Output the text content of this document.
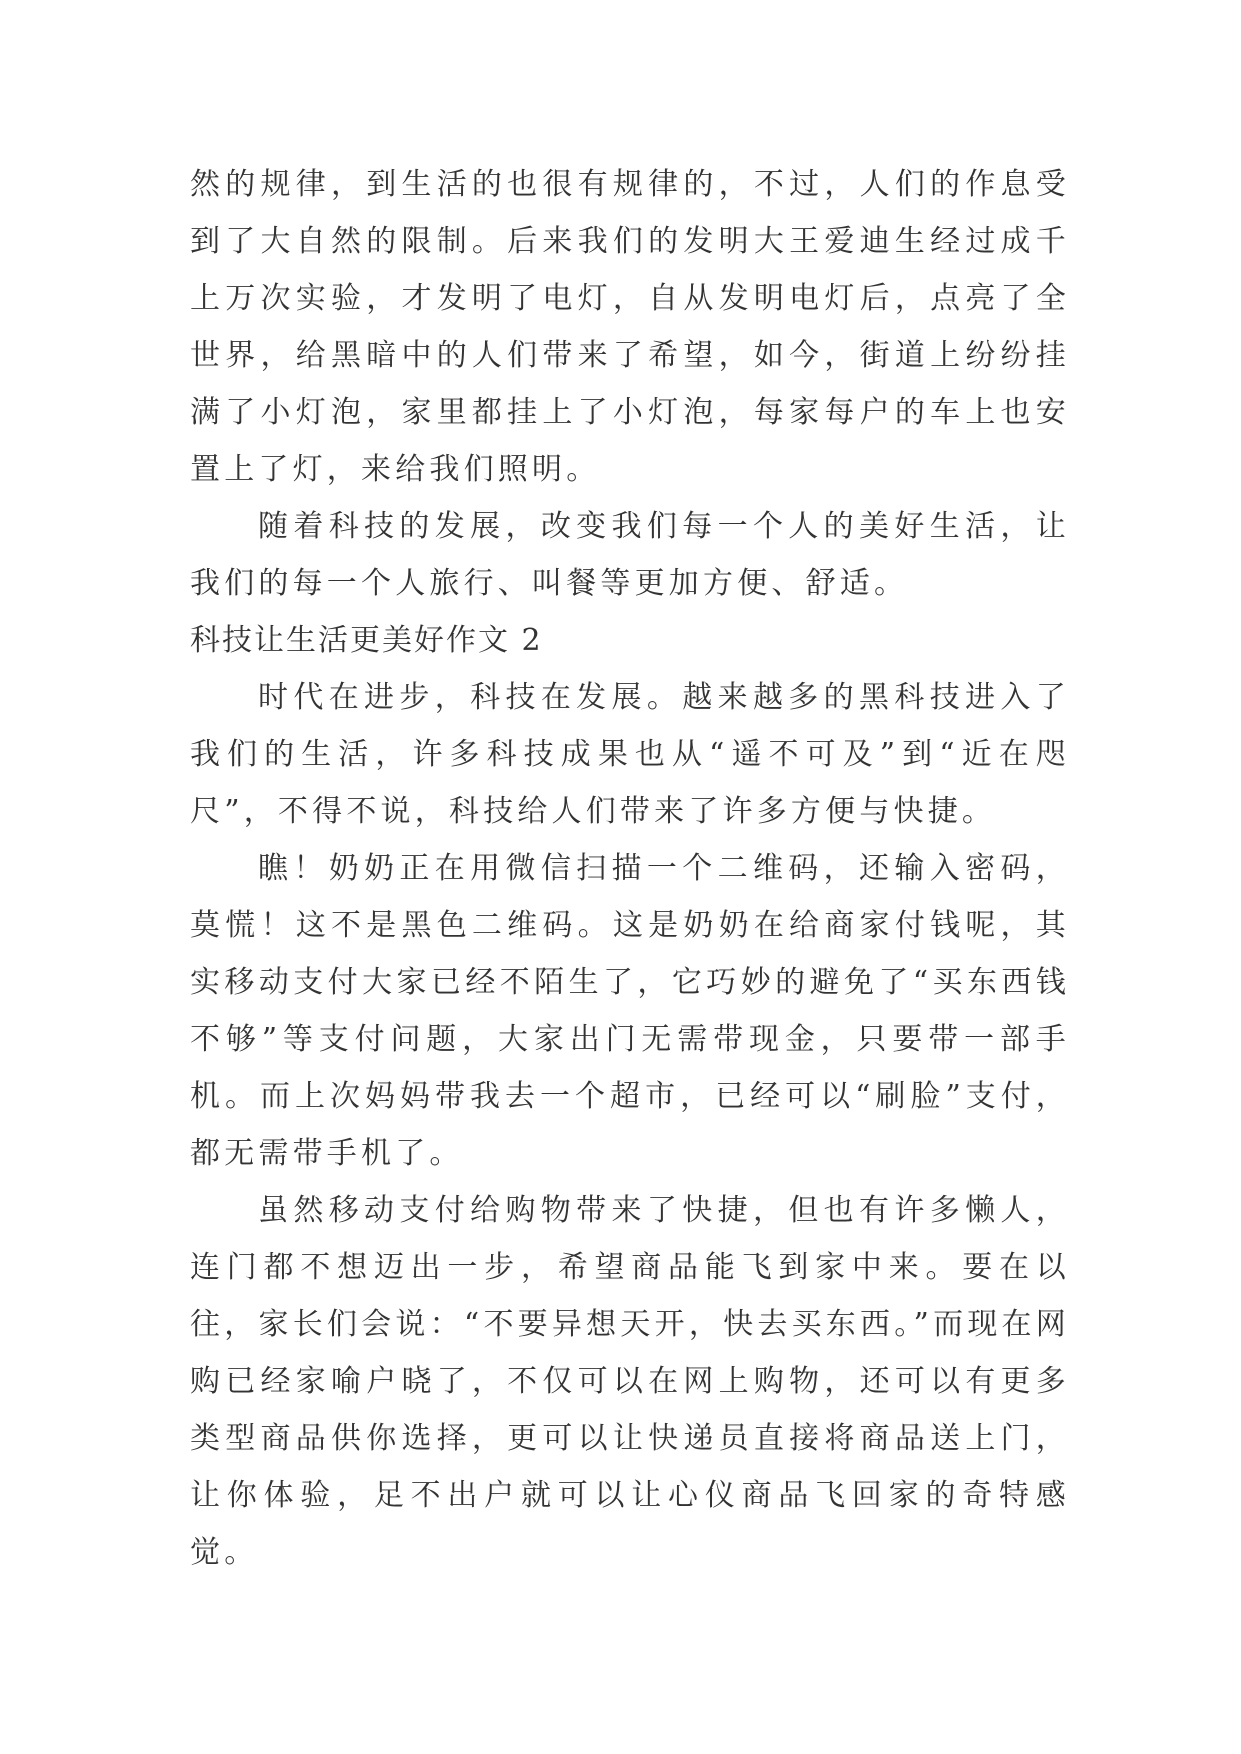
然的规律，到生活的也很有规律的，不过，人们的作息受到了大自然的限制。后来我们的发明大王爱迪生经过成千上万次实验，才发明了电灯，自从发明电灯后，点亮了全世界，给黑暗中的人们带来了希望，如今，街道上纷纷挂满了小灯泡，家里都挂上了小灯泡，每家每户的车上也安置上了灯，来给我们照明。

随着科技的发展，改变我们每一个人的美好生活，让我们的每一个人旅行、叫餐等更加方便、舒适。

科技让生活更美好作文 2

时代在进步，科技在发展。越来越多的黑科技进入了我们的生活，许多科技成果也从“遥不可及”到“近在咫尺”，不得不说，科技给人们带来了许多方便与快捷。

瞧！奶奶正在用微信扫描一个二维码，还输入密码，莫慌！这不是黑色二维码。这是奶奶在给商家付钱呢，其实移动支付大家已经不陌生了，它巧妙的避免了“买东西钱不够”等支付问题，大家出门无需带现金，只要带一部手机。而上次妈妈带我去一个超市，已经可以“刷脸”支付，都无需带手机了。

虽然移动支付给购物带来了快捷，但也有许多懒人，连门都不想迈出一步，希望商品能飞到家中来。要在以往，家长们会说：“不要异想天开，快去买东西。”而现在网购已经家喻户晓了，不仅可以在网上购物，还可以有更多类型商品供你选择，更可以让快递员直接将商品送上门，让你体验，足不出户就可以让心仪商品飞回家的奇特感觉。
